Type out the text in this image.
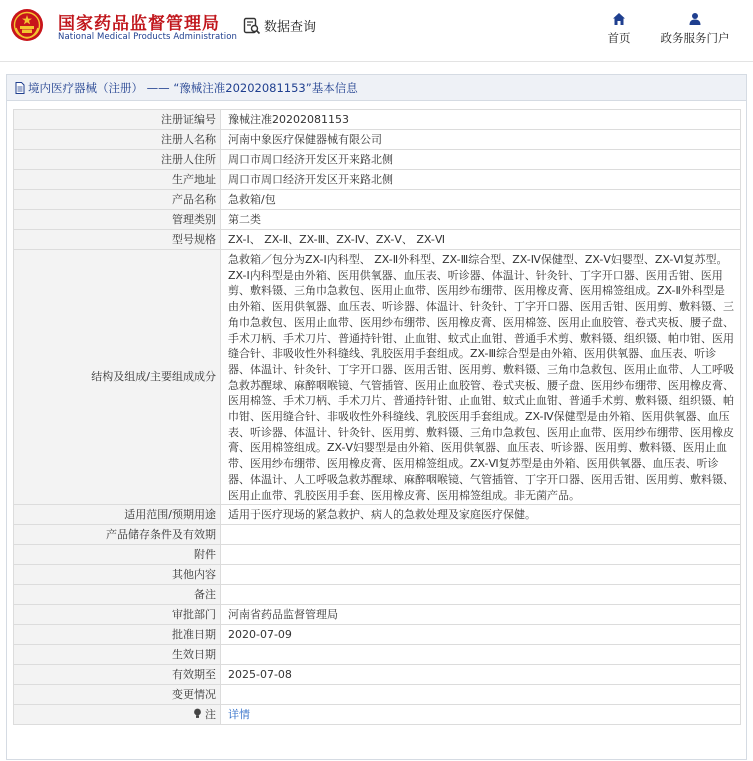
国家药品监督管理局
National Medical Products Administration
数据查询
首页	政务服务门户
境内医疗器械（注册） —— “豫械注准20202081153”基本信息
注册证编号	豫械注准20202081153
注册人名称	河南中象医疗保健器械有限公司
注册人住所	周口市周口经济开发区开来路北侧
生产地址	周口市周口经济开发区开来路北侧
产品名称	急救箱/包
管理类别	第二类
型号规格	ZX-Ⅰ、 ZX-Ⅱ、ZX-Ⅲ、ZX-Ⅳ、ZX-Ⅴ、 ZX-Ⅵ
结构及组成/主要组成成分	急救箱／包分为ZX-Ⅰ内科型、 ZX-Ⅱ外科型、ZX-Ⅲ综合型、ZX-Ⅳ保健型、ZX-Ⅴ妇婴型、ZX-Ⅵ复苏型。ZX-Ⅰ内科型是由外箱、医用供氧器、血压表、听诊器、体温计、针灸针、丁字开口器、医用舌钳、医用剪、敷料镊、三角巾急救包、医用止血带、医用纱布绷带、医用橡皮膏、医用棉签组成。ZX-Ⅱ外科型是由外箱、医用供氧器、血压表、听诊器、体温计、针灸针、丁字开口器、医用舌钳、医用剪、敷料镊、三角巾急救包、医用止血带、医用纱布绷带、医用橡皮膏、医用棉签、医用止血胶管、卷式夹板、腰子盘、手术刀柄、手术刀片、普通持针钳、止血钳、蚊式止血钳、普通手术剪、敷料镊、组织镊、帕巾钳、医用缝合针、非吸收性外科缝线、乳胶医用手套组成。ZX-Ⅲ综合型是由外箱、医用供氧器、血压表、听诊器、体温计、针灸针、丁字开口器、医用舌钳、医用剪、敷料镊、三角巾急救包、医用止血带、人工呼吸急救苏醒球、麻醉咽喉镜、气管插管、医用止血胶管、卷式夹板、腰子盘、医用纱布绷带、医用橡皮膏、医用棉签、手术刀柄、手术刀片、普通持针钳、止血钳、蚊式止血钳、普通手术剪、敷料镊、组织镊、帕巾钳、医用缝合针、非吸收性外科缝线、乳胶医用手套组成。ZX-Ⅳ保健型是由外箱、医用供氧器、血压表、听诊器、体温计、针灸针、医用剪、敷料镊、三角巾急救包、医用止血带、医用纱布绷带、医用橡皮膏、医用棉签组成。ZX-Ⅴ妇婴型是由外箱、医用供氧器、血压表、听诊器、医用剪、敷料镊、医用止血带、医用纱布绷带、医用橡皮膏、医用棉签组成。ZX-Ⅵ复苏型是由外箱、医用供氧器、血压表、听诊器、体温计、人工呼吸急救苏醒球、麻醉咽喉镜、气管插管、丁字开口器、医用舌钳、医用剪、敷料镊、医用止血带、乳胶医用手套、医用橡皮膏、医用棉签组成。非无菌产品。
适用范围/预期用途	适用于医疗现场的紧急救护、病人的急救处理及家庭医疗保健。
产品储存条件及有效期	
附件	
其他内容	
备注	
审批部门	河南省药品监督管理局
批准日期	2020-07-09
生效日期	
有效期至	2025-07-08
变更情况	
注	详情
